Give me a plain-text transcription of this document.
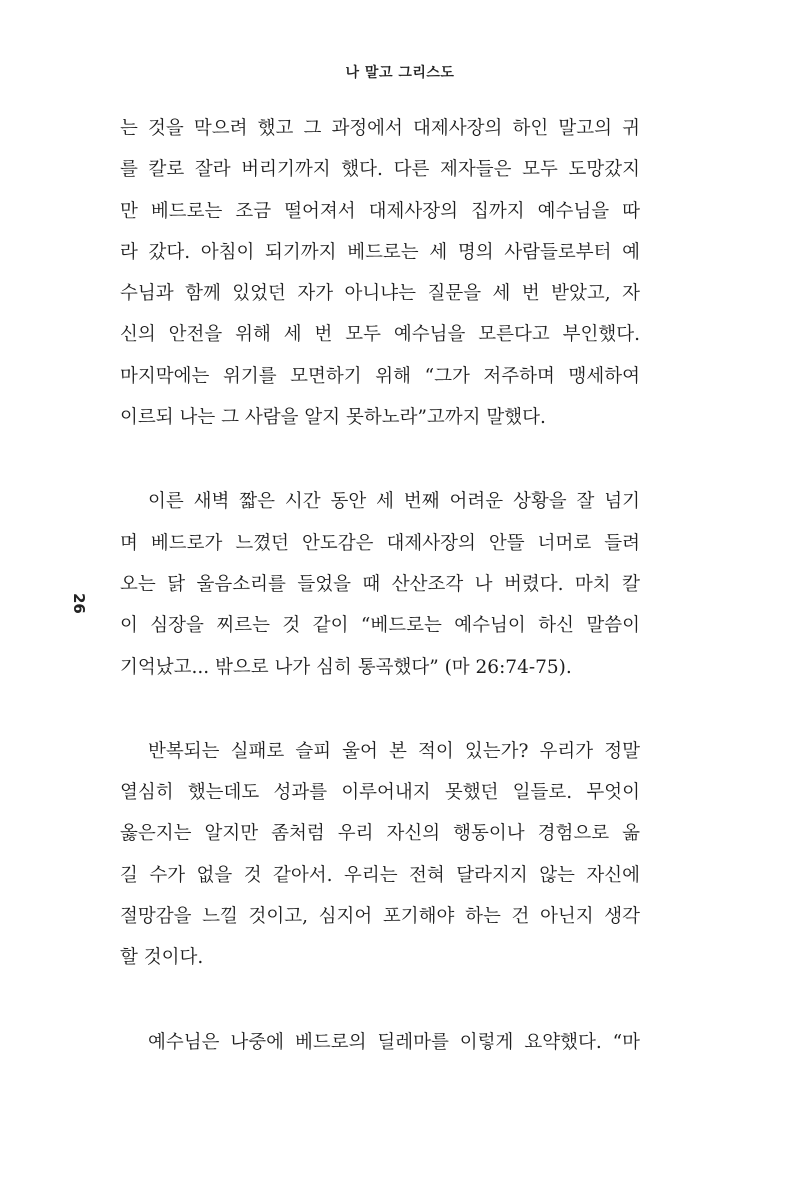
나 말고 그리스도
26
는 것을 막으려 했고 그 과정에서 대제사장의 하인 말고의 귀
를 칼로 잘라 버리기까지 했다. 다른 제자들은 모두 도망갔지
만 베드로는 조금 떨어져서 대제사장의 집까지 예수님을 따
라 갔다. 아침이 되기까지 베드로는 세 명의 사람들로부터 예
수님과 함께 있었던 자가 아니냐는 질문을 세 번 받았고, 자
신의 안전을 위해 세 번 모두 예수님을 모른다고 부인했다.
마지막에는 위기를 모면하기 위해 “그가 저주하며 맹세하여
이르되 나는 그 사람을 알지 못하노라”고까지 말했다.
이른 새벽 짧은 시간 동안 세 번째 어려운 상황을 잘 넘기
며 베드로가 느꼈던 안도감은 대제사장의 안뜰 너머로 들려
오는 닭 울음소리를 들었을 때 산산조각 나 버렸다. 마치 칼
이 심장을 찌르는 것 같이 “베드로는 예수님이 하신 말씀이
기억났고... 밖으로 나가 심히 통곡했다” (마 26:74-75).
반복되는 실패로 슬피 울어 본 적이 있는가? 우리가 정말
열심히 했는데도 성과를 이루어내지 못했던 일들로. 무엇이
옳은지는 알지만 좀처럼 우리 자신의 행동이나 경험으로 옮
길 수가 없을 것 같아서. 우리는 전혀 달라지지 않는 자신에
절망감을 느낄 것이고, 심지어 포기해야 하는 건 아닌지 생각
할 것이다.
예수님은 나중에 베드로의 딜레마를 이렇게 요약했다. “마
